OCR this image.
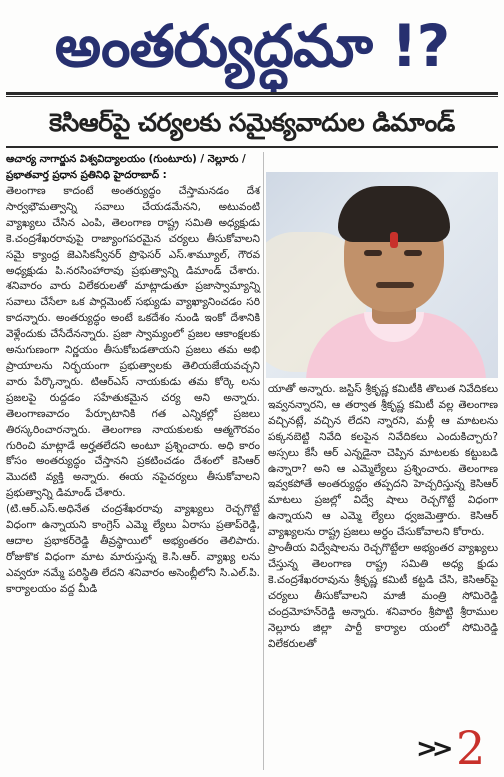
అంతర్యుద్ధమా !?
కెసిఆర్‌పై చర్యలకు సమైక్యవాదుల డిమాండ్
ఆచార్య నాగార్జున విశ్వవిద్యాలయం (గుంటూరు) / నెల్లూరు /ప్రభాతవార్త ప్రధాన ప్రతినిధి హైదరాబాద్ :

తెలంగాణ కాదంటే అంతర్యుద్ధం చేస్తామనడం దేశ సార్వభౌమత్వాన్ని సవాలు చేయడమేనని, అటువంటి వ్యాఖ్యలు చేసిన ఎంపి, తెలంగాణ రాష్ట్ర సమితి అధ్యక్షుడు కె.చంద్రశేఖరరావుపై రాజ్యాంగపరమైన చర్యలు తీసుకోవాలని సమై క్యాంధ్ర జెఎసికన్వీనర్ ప్రొఫెసర్ ఎస్.శామ్యూల్, గౌరవ అధ్యక్షుడు పి.నరసింహారావు ప్రభుత్వాన్ని డిమాండ్ చేశారు. శనివారం వారు విలేకరులతో మాట్లాడుతూ ప్రజాస్వామ్యాన్ని సవాలు చేసేలా ఒక పార్లమెంట్ సభ్యుడు వ్యాఖ్యానించడం సరి కాదన్నారు. అంతర్యుద్ధం అంటే ఒకదేశం నుండి ఇంకో దేశానికి వెళ్లేందుకు చేసేదేనన్నారు. ప్రజా స్వామ్యంలో ప్రజల ఆకాంక్షలకు అనుగుణంగా నిర్ణయం తీసుకోబడతాయని ప్రజలు తమ అభి ప్రాయాలను నిర్భయంగా ప్రభుత్వాలకు తెలియజేయవచ్చని వారు పేర్కొన్నారు. టిఆర్ఎస్ నాయకుడు తమ కోర్కె లను ప్రజలపై రుద్దడం సహేతుకమైన చర్య అని అన్నారు. తెలంగాణవాదం పేర్చూటానికి గత ఎన్నికల్లో ప్రజలు తిరస్కరించారన్నారు. తెలంగాణ నాయకులకు ఆత్మగౌరవం గురించి మాట్లాడే అర్హతలేదని అంటూ ప్రశ్నించారు. అధి కారం కోసం అంతర్యుద్ధం చేస్తానని ప్రకటించడం దేశంలో కెసిఆర్ మొదటి వ్యక్తి అన్నారు. ఈయ నపైచర్యలు తీసుకోవాలని ప్రభుత్వాన్ని డిమాండ్ చేశారు.

(టి.ఆర్.ఎస్.అధినేత చంద్రశేఖరరావు వ్యాఖ్యలు రెచ్చగొట్టే విధంగా ఉన్నాయని కాంగ్రెస్ ఎమ్మె ల్యేలు ఏరాసు ప్రతాప్‌రెడ్డి, ఆదాల ప్రభాకర్‌రెడ్డి తీవ్రస్థాయిలో అభ్యంతరం తెలిపారు. రోజుకొక విధంగా మాట మారుస్తున్న కె.సి.ఆర్. వ్యాఖ్య లను ఎవ్వరూ నమ్మే పరిస్థితి లేదని శనివారం అసెంబ్లీలోని సి.ఎల్.పి. కార్యాలయం వద్ద మీడి

యాతో అన్నారు. జస్టిస్ శ్రీకృష్ణ కమిటీకి తొలుత నివేదికలు ఇవ్వనన్నారని, ఆ తర్వాత శ్రీకృష్ణ కమిటీ వల్ల తెలంగాణ వచ్చినట్లే, వచ్చిన లేదని న్నారని, మళ్లీ ఆ మాటలను పక్కనబెట్టి నివేది కలపైన నివేదికలు ఎందుకిచ్చారు? అస్సలు కేసీ ఆర్ ఎన్నడైనా చెప్పిన మాటలకు కట్టుబడి ఉన్నారా? అని ఆ ఎమ్మెల్యేలు ప్రశ్నించారు. తెలంగాణ ఇవ్వకపోతే అంతర్యుద్ధం తప్పదని హెచ్చరిస్తున్న కెసిఆర్ మాటలు ప్రజల్లో విద్వే షాలు రెచ్చగొట్టే విధంగా ఉన్నాయని ఆ ఎమ్మె ల్యేలు ధ్వజమెత్తారు. కెసిఆర్ వ్యాఖ్యలను రాష్ట్ర ప్రజలు అర్ధం చేసుకోవాలని కోరారు.

ప్రాంతీయ విద్వేషాలను రెచ్చగొట్టేలా అభ్యంతర వ్యాఖ్యలు చేస్తున్న తెలంగాణ రాష్ట్ర సమితి అధ్య క్షుడు కె.చంద్రశేఖరరావును శ్రీకృష్ణ కమిటీ కట్టడి చేసి, కెసిఆర్‌పై చర్యలు తీసుకోవాలని మాజీ మంత్రి సోమిరెడ్డి చంద్రమోహన్‌రెడ్డి అన్నారు. శనివారం శ్రీపొట్టి శ్రీరాముల నెల్లూరు జిల్లా పార్టీ కార్యాల యంలో సోమిరెడ్డి విలేకరులతో

>> 2
